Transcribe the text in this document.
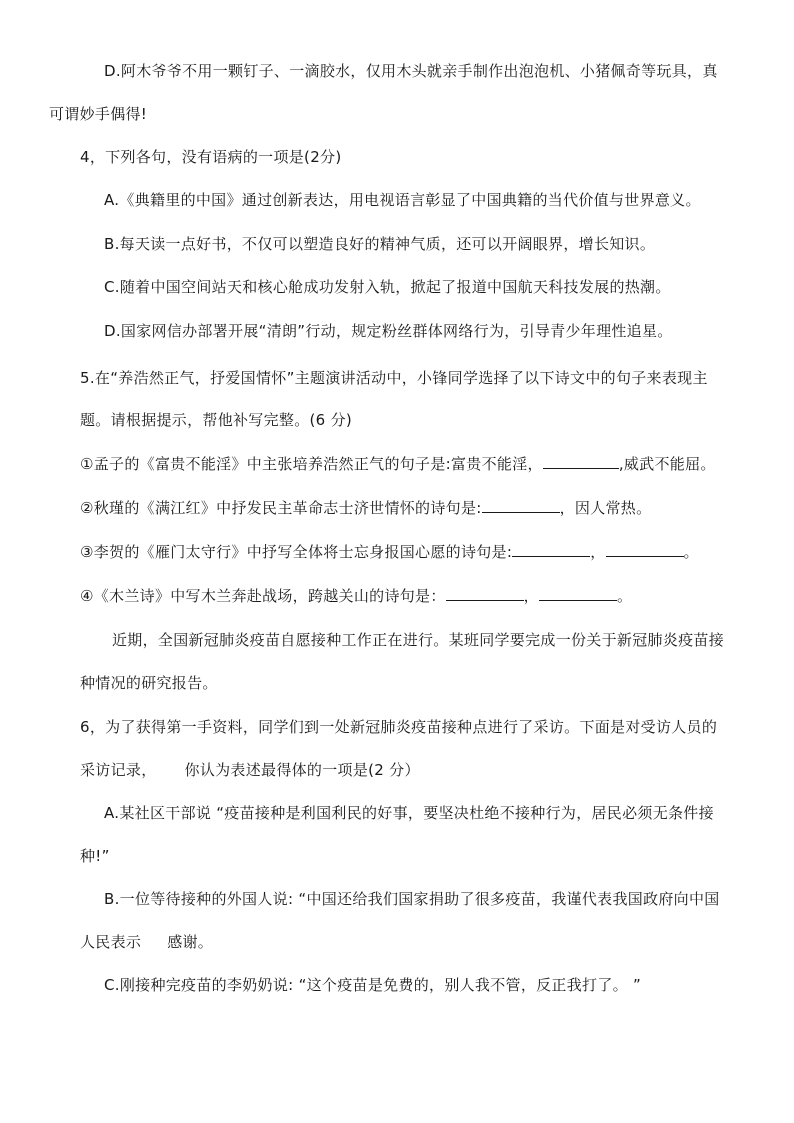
D.阿木爷爷不用一颗钉子、一滴胶水，仅用木头就亲手制作出泡泡机、小猪佩奇等玩具，真
可谓妙手偶得!
4，下列各句，没有语病的一项是(2分)
A.《典籍里的中国》通过创新表达，用电视语言彰显了中国典籍的当代价值与世界意义。
B.每天读一点好书，不仅可以塑造良好的精神气质，还可以开阔眼界，增长知识。
C.随着中国空间站天和核心舱成功发射入轨，掀起了报道中国航天科技发展的热潮。
D.国家网信办部署开展“清朗”行动，规定粉丝群体网络行为，引导青少年理性追星。
5.在“养浩然正气，抒爱国情怀”主题演讲活动中，小锋同学选择了以下诗文中的句子来表现主
题。请根据提示，帮他补写完整。(6 分)
①孟子的《富贵不能淫》中主张培养浩然正气的句子是:富贵不能淫，	,威武不能屈。
②秋瑾的《满江红》中抒发民主革命志士济世情怀的诗句是:	，因人常热。
③李贺的《雁门太守行》中抒写全体将士忘身报国心愿的诗句是:	，	。
④《木兰诗》中写木兰奔赴战场，跨越关山的诗句是：	，	。
近期，全国新冠肺炎疫苗自愿接种工作正在进行。某班同学要完成一份关于新冠肺炎疫苗接
种情况的研究报告。
6，为了获得第一手资料，同学们到一处新冠肺炎疫苗接种点进行了采访。下面是对受访人员的
采访记录， 你认为表述最得体的一项是(2 分）
A.某社区干部说 “疫苗接种是利国利民的好事，要坚决杜绝不接种行为，居民必须无条件接
种!”
B.一位等待接种的外国人说: “中国还给我们国家捐助了很多疫苗，我谨代表我国政府向中国
人民表示 感谢。
C.刚接种完疫苗的李奶奶说: “这个疫苗是免费的，别人我不管，反正我打了。 ”
